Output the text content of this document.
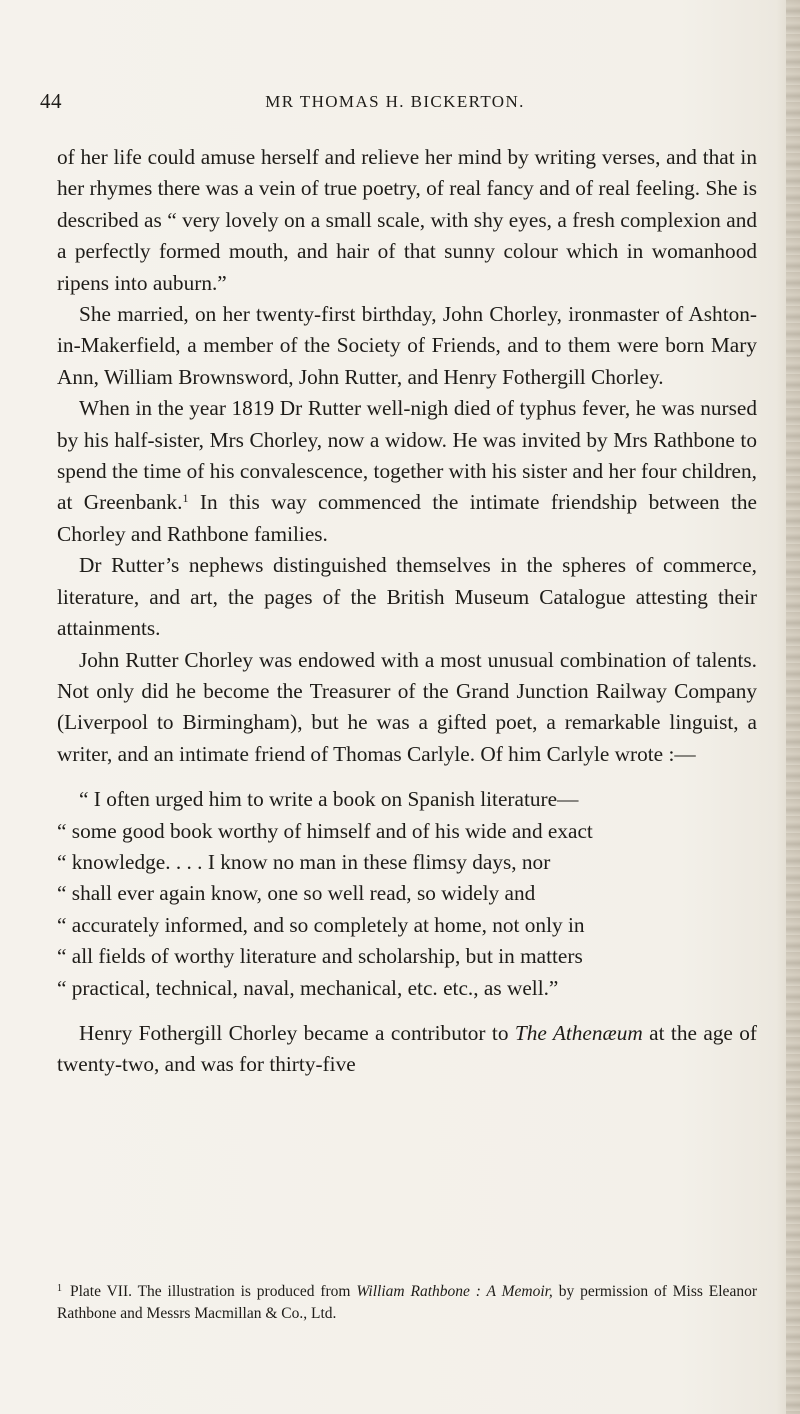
44	MR THOMAS H. BICKERTON.

of her life could amuse herself and relieve her mind by writing verses, and that in her rhymes there was a vein of true poetry, of real fancy and of real feeling. She is described as “ very lovely on a small scale, with shy eyes, a fresh complexion and a perfectly formed mouth, and hair of that sunny colour which in womanhood ripens into auburn.”

She married, on her twenty-first birthday, John Chorley, ironmaster of Ashton-in-Makerfield, a member of the Society of Friends, and to them were born Mary Ann, William Brownsword, John Rutter, and Henry Fothergill Chorley.

When in the year 1819 Dr Rutter well-nigh died of typhus fever, he was nursed by his half-sister, Mrs Chorley, now a widow. He was invited by Mrs Rathbone to spend the time of his convalescence, together with his sister and her four children, at Greenbank.$^1$ In this way commenced the intimate friendship between the Chorley and Rathbone families.

Dr Rutter’s nephews distinguished themselves in the spheres of commerce, literature, and art, the pages of the British Museum Catalogue attesting their attainments.

John Rutter Chorley was endowed with a most unusual combination of talents. Not only did he become the Treasurer of the Grand Junction Railway Company (Liverpool to Birmingham), but he was a gifted poet, a remarkable linguist, a writer, and an intimate friend of Thomas Carlyle. Of him Carlyle wrote :—

“ I often urged him to write a book on Spanish literature—

“ some good book worthy of himself and of his wide and exact

“ knowledge. . . . I know no man in these flimsy days, nor

“ shall ever again know, one so well read, so widely and

“ accurately informed, and so completely at home, not only in

“ all fields of worthy literature and scholarship, but in matters

“ practical, technical, naval, mechanical, etc. etc., as well.”

Henry Fothergill Chorley became a contributor to The Athenæum at the age of twenty-two, and was for thirty-five

$^1$ Plate VII. The illustration is produced from William Rathbone : A Memoir, by permission of Miss Eleanor Rathbone and Messrs Macmillan & Co., Ltd.
